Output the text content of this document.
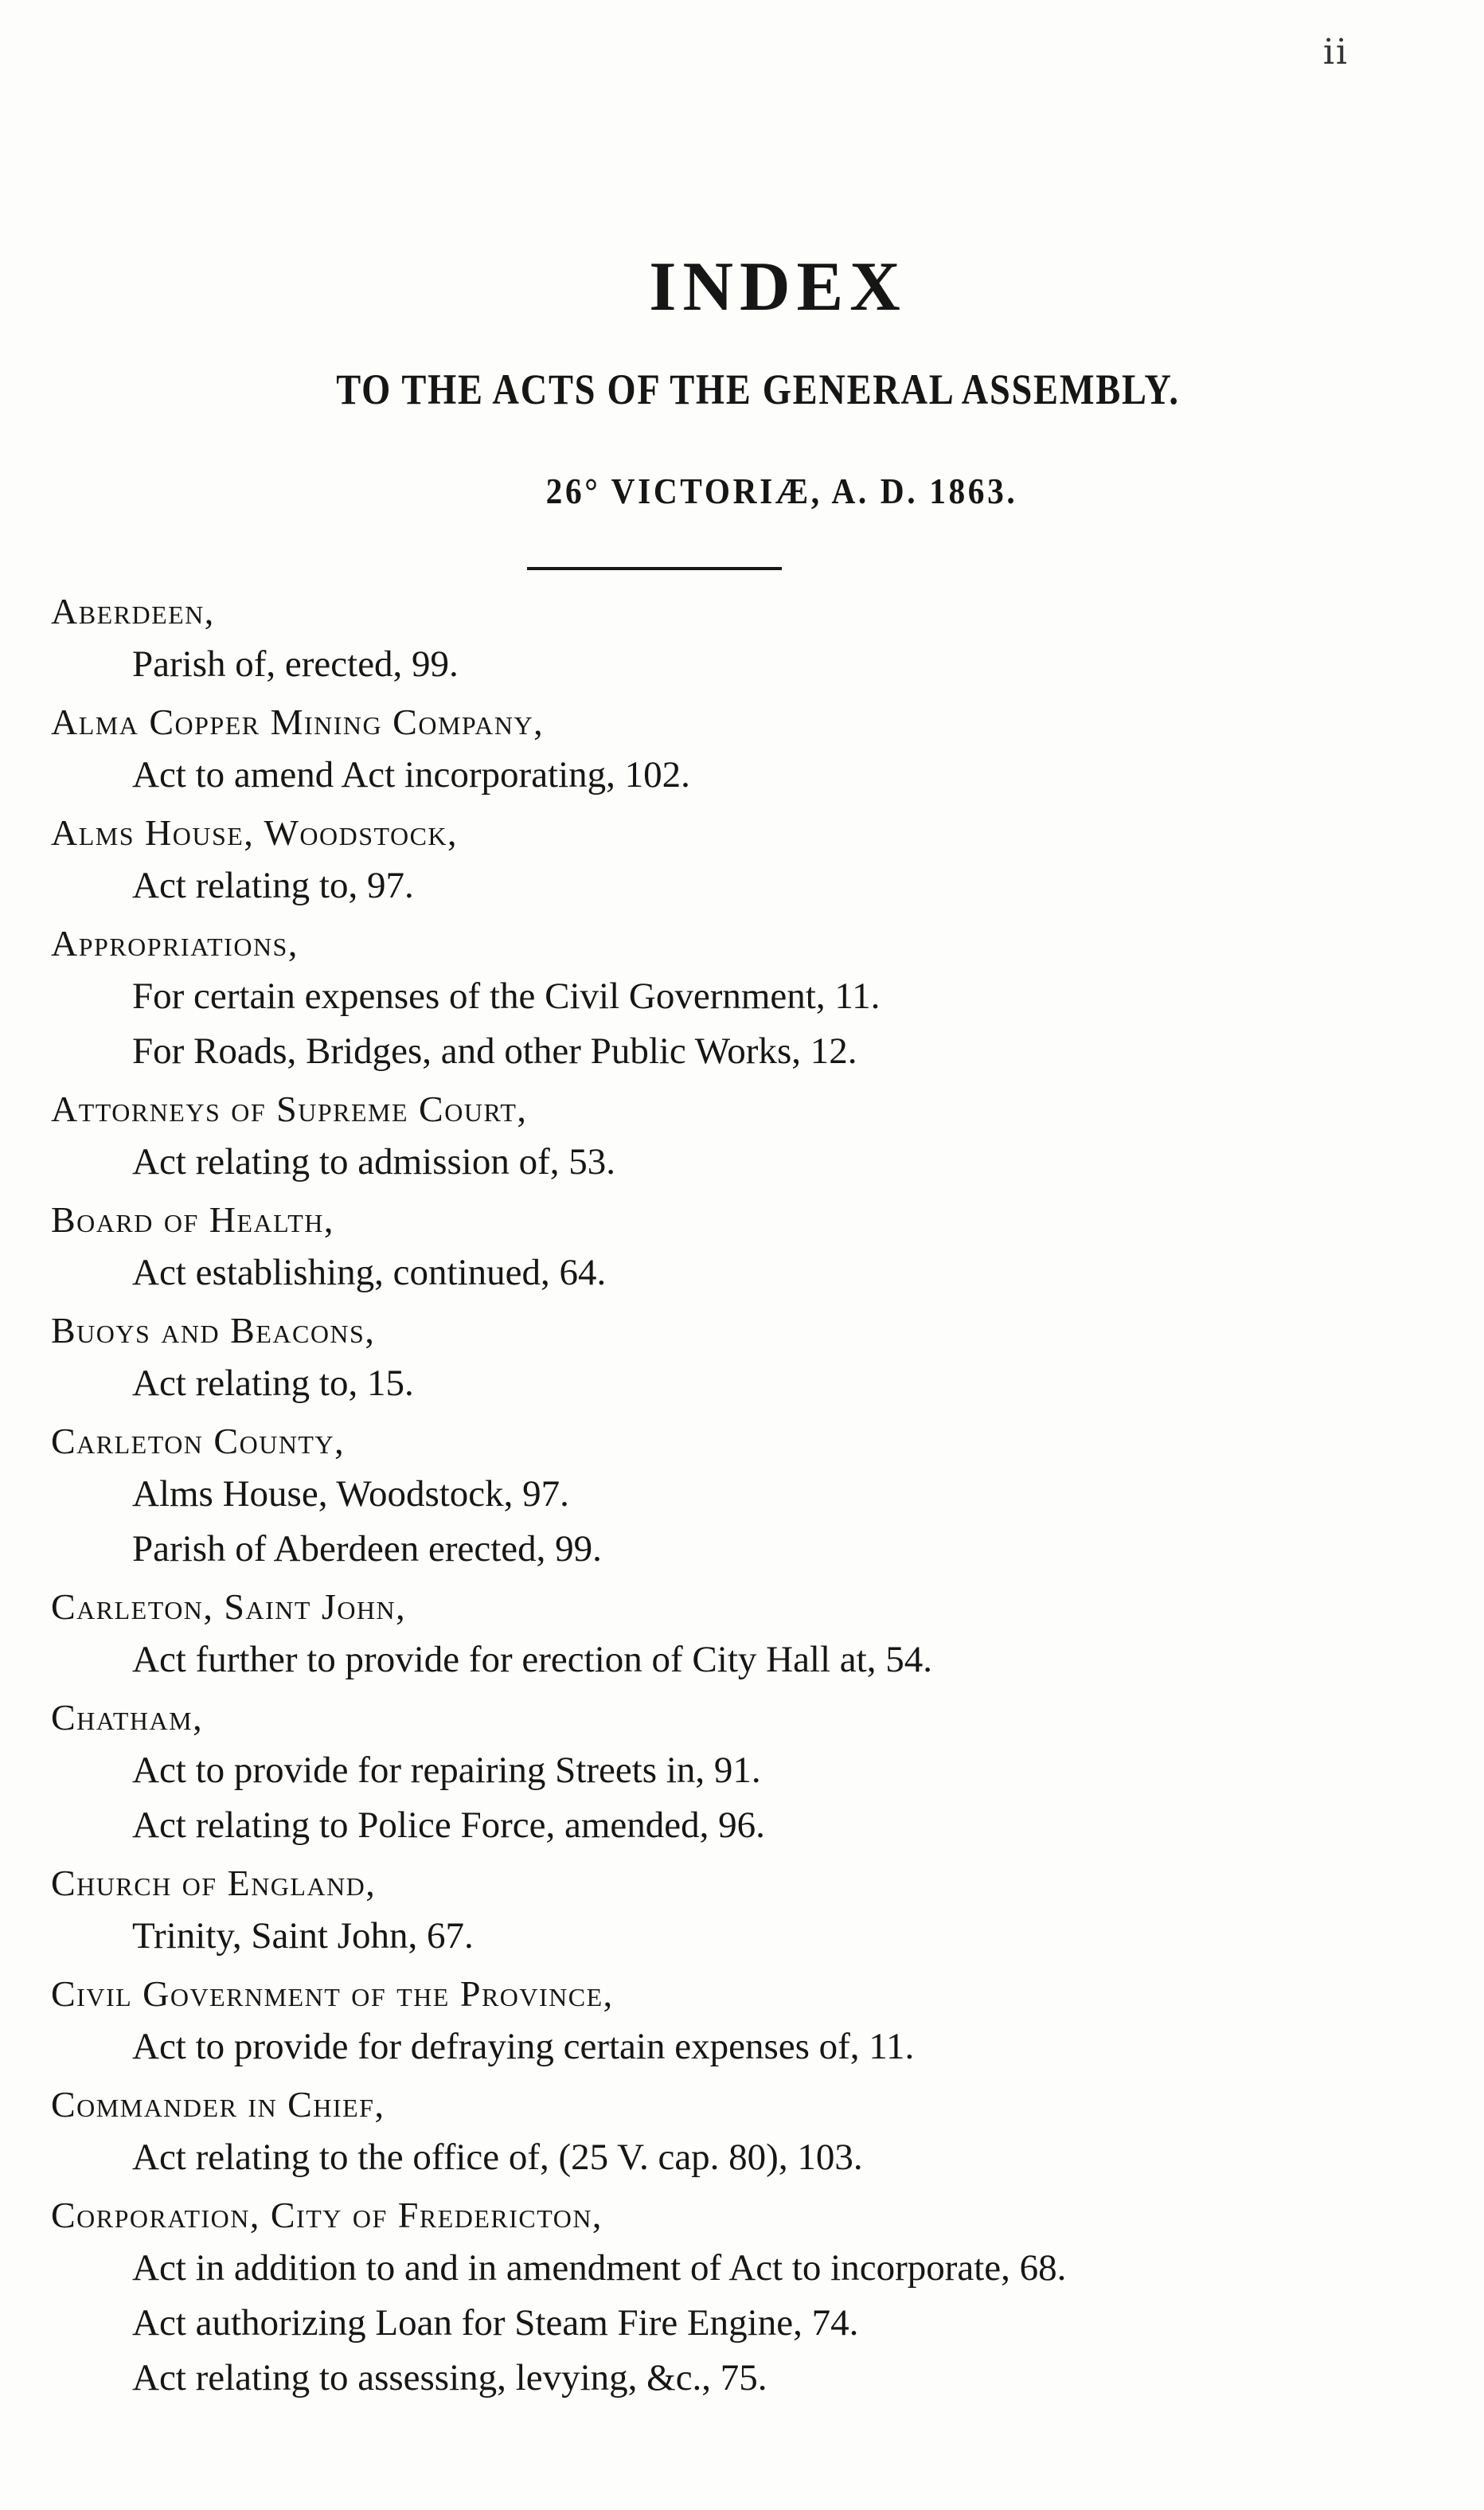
ii
INDEX
TO THE ACTS OF THE GENERAL ASSEMBLY.
26° VICTORIÆ, A. D. 1863.
Aberdeen,
Parish of, erected, 99.
Alma Copper Mining Company,
Act to amend Act incorporating, 102.
Alms House, Woodstock,
Act relating to, 97.
Appropriations,
For certain expenses of the Civil Government, 11.
For Roads, Bridges, and other Public Works, 12.
Attorneys of Supreme Court,
Act relating to admission of, 53.
Board of Health,
Act establishing, continued, 64.
Buoys and Beacons,
Act relating to, 15.
Carleton County,
Alms House, Woodstock, 97.
Parish of Aberdeen erected, 99.
Carleton, Saint John,
Act further to provide for erection of City Hall at, 54.
Chatham,
Act to provide for repairing Streets in, 91.
Act relating to Police Force, amended, 96.
Church of England,
Trinity, Saint John, 67.
Civil Government of the Province,
Act to provide for defraying certain expenses of, 11.
Commander in Chief,
Act relating to the office of, (25 V. cap. 80), 103.
Corporation, City of Fredericton,
Act in addition to and in amendment of Act to incorporate, 68.
Act authorizing Loan for Steam Fire Engine, 74.
Act relating to assessing, levying, &c., 75.
